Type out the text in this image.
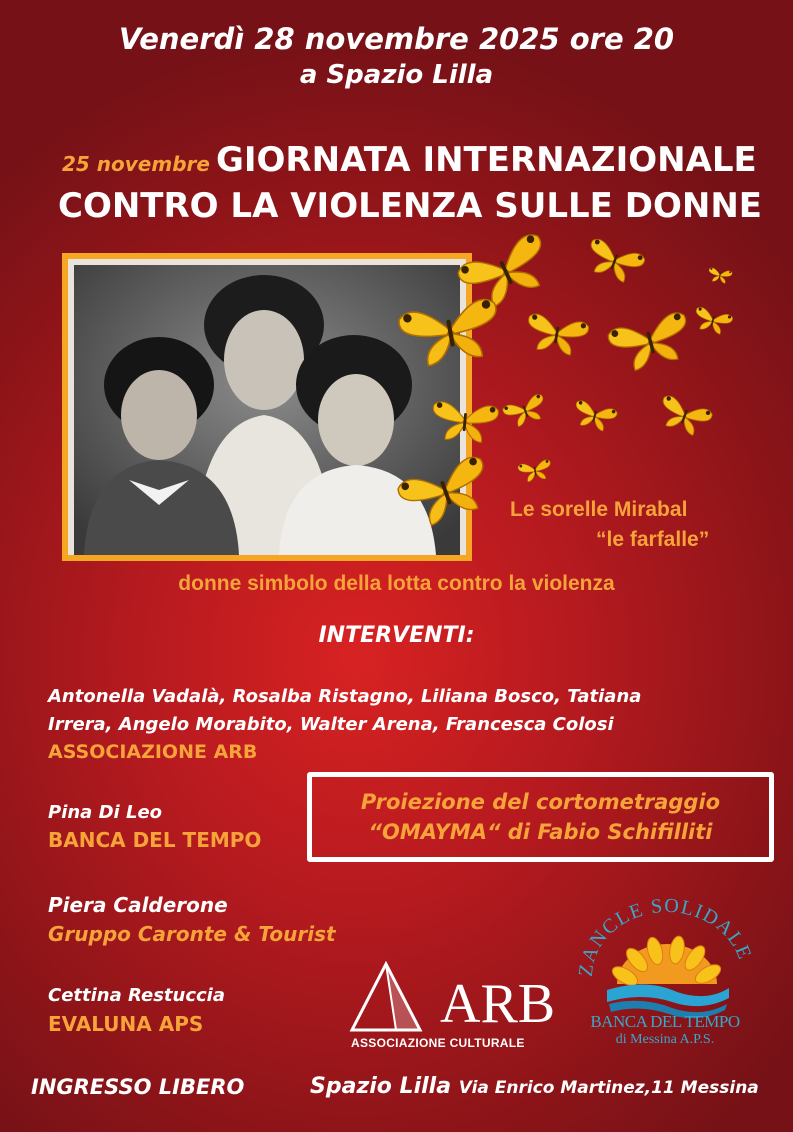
Venerdì 28 novembre 2025 ore 20
a Spazio Lilla
25 novembre GIORNATA INTERNAZIONALE
CONTRO LA VIOLENZA SULLE DONNE
Le sorelle Mirabal
“le farfalle”
donne simbolo della lotta contro la violenza
INTERVENTI:
Antonella Vadalà, Rosalba Ristagno, Liliana Bosco, Tatiana
Irrera, Angelo Morabito, Walter Arena, Francesca Colosi
ASSOCIAZIONE ARB
Pina Di Leo
BANCA DEL TEMPO
Proiezione del cortometraggio
“OMAYMA“ di Fabio Schifilliti
Piera Calderone
Gruppo Caronte & Tourist
Cettina Restuccia
EVALUNA APS	ARB
ASSOCIAZIONE CULTURALE
ZANCLE SOLIDALE
BANCA DEL TEMPO
di Messina A.P.S.
INGRESSO LIBERO	Spazio Lilla Via Enrico Martinez,11 Messina
